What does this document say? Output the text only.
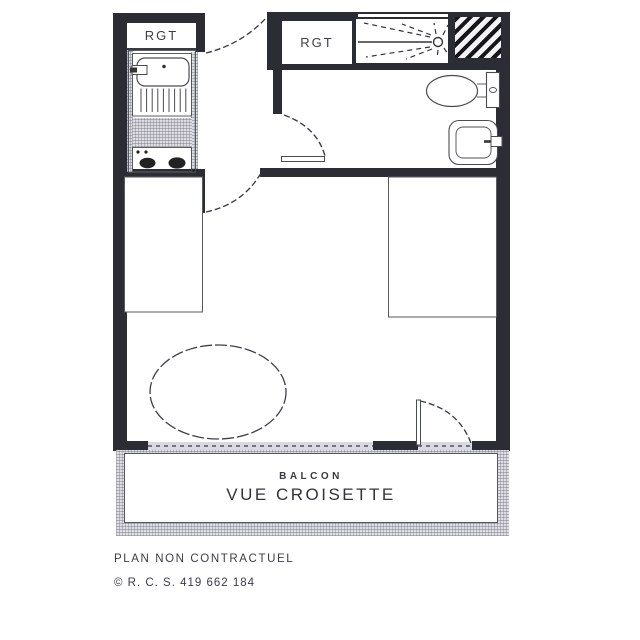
RGT	RGT
BALCON
VUE CROISETTE
PLAN NON CONTRACTUEL
© R. C. S. 419 662 184
